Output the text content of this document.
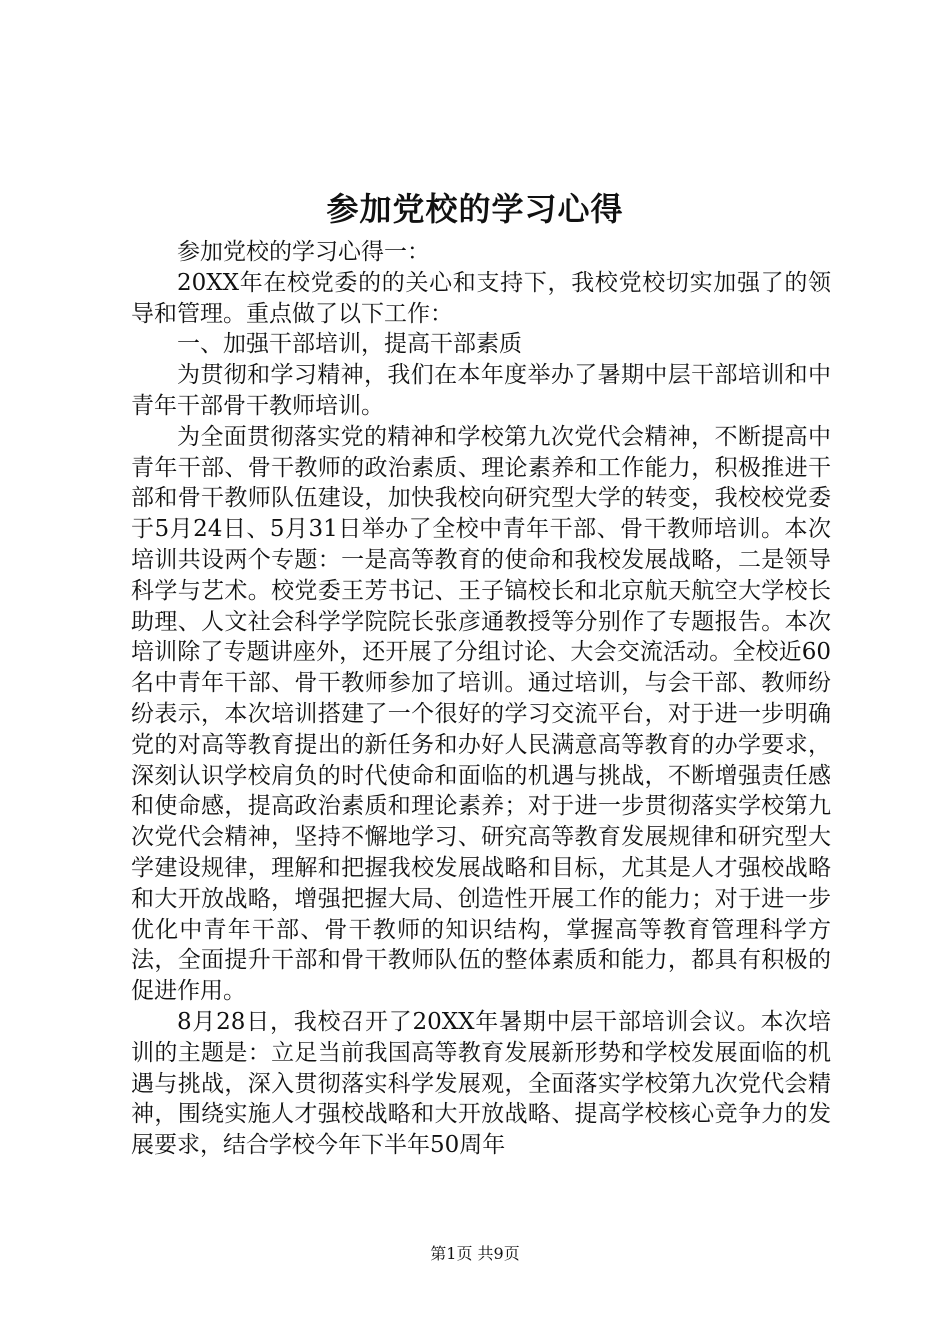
参加党校的学习心得

参加党校的学习心得一：

20XX年在校党委的的关心和支持下，我校党校切实加强了的领导和管理。重点做了以下工作：

一、加强干部培训，提高干部素质

为贯彻和学习精神，我们在本年度举办了暑期中层干部培训和中青年干部骨干教师培训。

为全面贯彻落实党的精神和学校第九次党代会精神，不断提高中青年干部、骨干教师的政治素质、理论素养和工作能力，积极推进干部和骨干教师队伍建设，加快我校向研究型大学的转变，我校校党委于5月24日、5月31日举办了全校中青年干部、骨干教师培训。本次培训共设两个专题：一是高等教育的使命和我校发展战略，二是领导科学与艺术。校党委王芳书记、王子镐校长和北京航天航空大学校长助理、人文社会科学学院院长张彦通教授等分别作了专题报告。本次培训除了专题讲座外，还开展了分组讨论、大会交流活动。全校近60名中青年干部、骨干教师参加了培训。通过培训，与会干部、教师纷纷表示，本次培训搭建了一个很好的学习交流平台，对于进一步明确党的对高等教育提出的新任务和办好人民满意高等教育的办学要求，深刻认识学校肩负的时代使命和面临的机遇与挑战，不断增强责任感和使命感，提高政治素质和理论素养；对于进一步贯彻落实学校第九次党代会精神，坚持不懈地学习、研究高等教育发展规律和研究型大学建设规律，理解和把握我校发展战略和目标，尤其是人才强校战略和大开放战略，增强把握大局、创造性开展工作的能力；对于进一步优化中青年干部、骨干教师的知识结构，掌握高等教育管理科学方法，全面提升干部和骨干教师队伍的整体素质和能力，都具有积极的促进作用。

8月28日，我校召开了20XX年暑期中层干部培训会议。本次培训的主题是：立足当前我国高等教育发展新形势和学校发展面临的机遇与挑战，深入贯彻落实科学发展观，全面落实学校第九次党代会精神，围绕实施人才强校战略和大开放战略、提高学校核心竞争力的发展要求，结合学校今年下半年50周年

第1页 共9页
